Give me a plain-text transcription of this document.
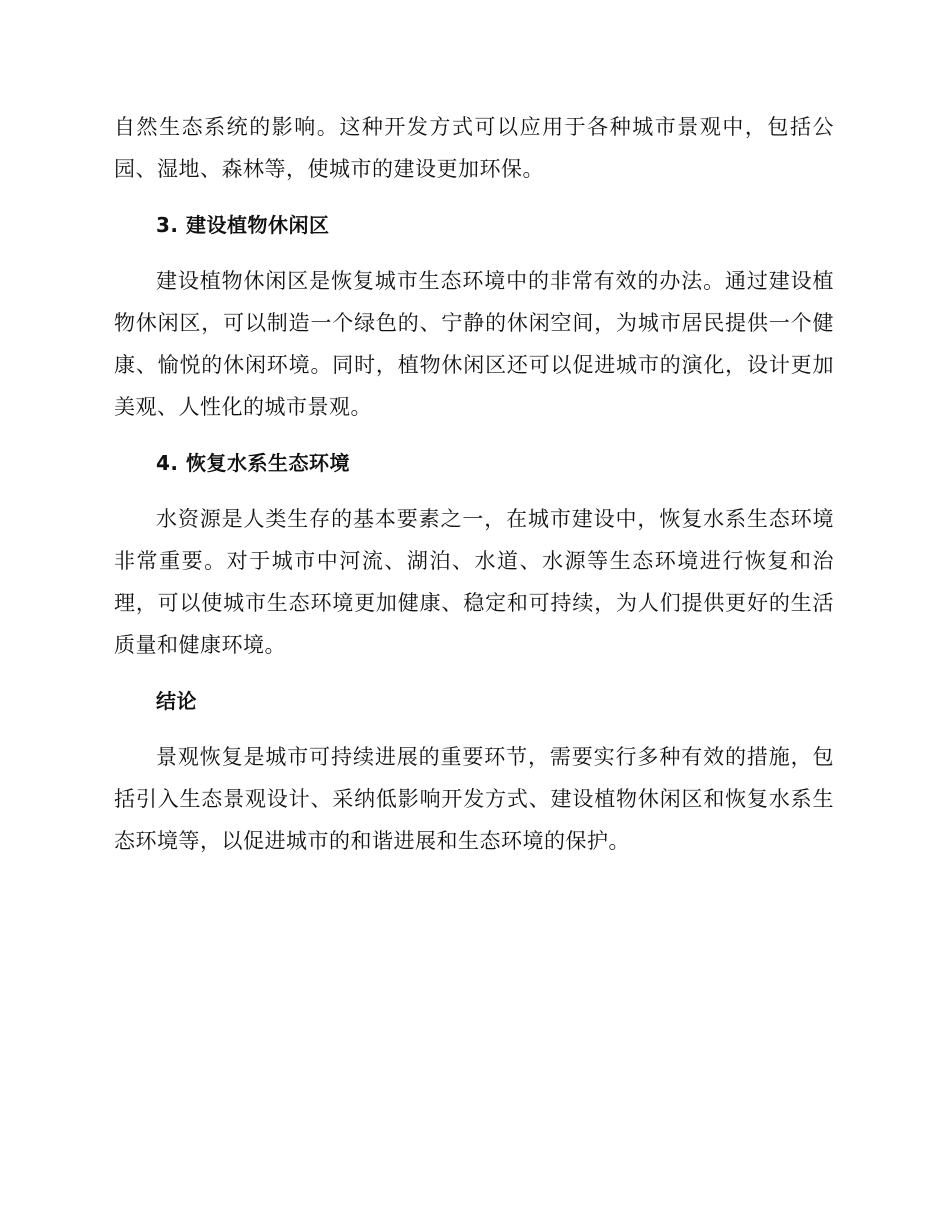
自然生态系统的影响。这种开发方式可以应用于各种城市景观中，包括公园、湿地、森林等，使城市的建设更加环保。

3. 建设植物休闲区

建设植物休闲区是恢复城市生态环境中的非常有效的办法。通过建设植物休闲区，可以制造一个绿色的、宁静的休闲空间，为城市居民提供一个健康、愉悦的休闲环境。同时，植物休闲区还可以促进城市的演化，设计更加美观、人性化的城市景观。

4. 恢复水系生态环境

水资源是人类生存的基本要素之一，在城市建设中，恢复水系生态环境非常重要。对于城市中河流、湖泊、水道、水源等生态环境进行恢复和治理，可以使城市生态环境更加健康、稳定和可持续，为人们提供更好的生活质量和健康环境。

结论

景观恢复是城市可持续进展的重要环节，需要实行多种有效的措施，包括引入生态景观设计、采纳低影响开发方式、建设植物休闲区和恢复水系生态环境等，以促进城市的和谐进展和生态环境的保护。
